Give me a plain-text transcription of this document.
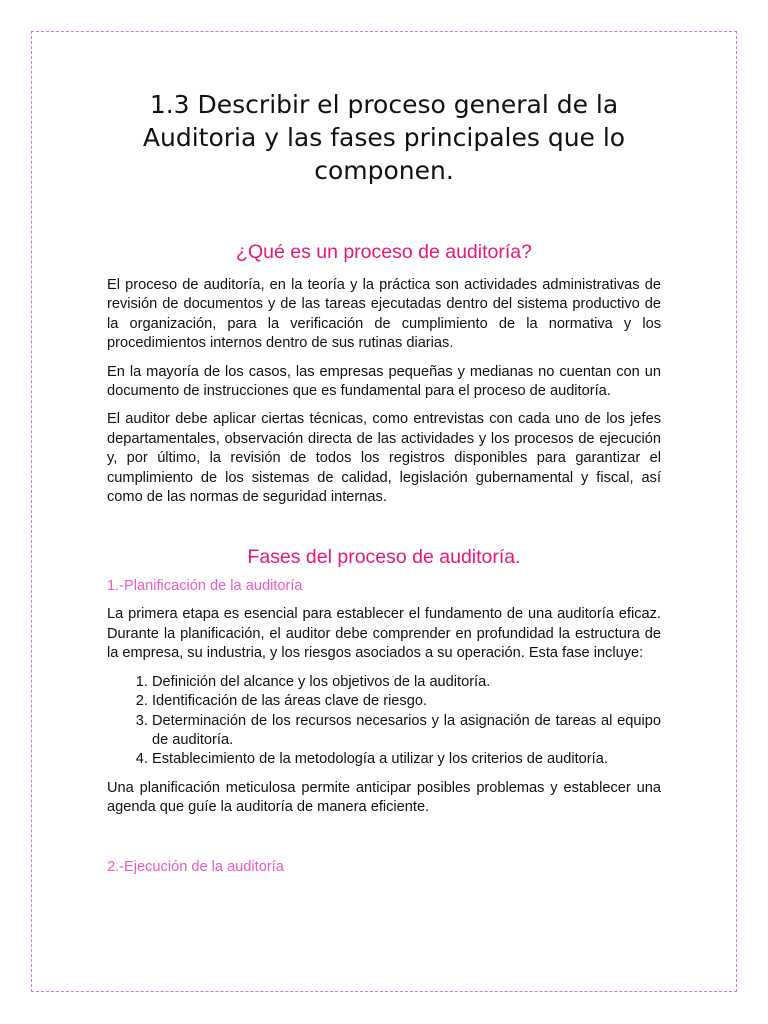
1.3 Describir el proceso general de la Auditoria y las fases principales que lo componen.
¿Qué es un proceso de auditoría?

El proceso de auditoría, en la teoría y la práctica son actividades administrativas de revisión de documentos y de las tareas ejecutadas dentro del sistema productivo de la organización, para la verificación de cumplimiento de la normativa y los procedimientos internos dentro de sus rutinas diarias.

En la mayoría de los casos, las empresas pequeñas y medianas no cuentan con un documento de instrucciones que es fundamental para el proceso de auditoría.

El auditor debe aplicar ciertas técnicas, como entrevistas con cada uno de los jefes departamentales, observación directa de las actividades y los procesos de ejecución y, por último, la revisión de todos los registros disponibles para garantizar el cumplimiento de los sistemas de calidad, legislación gubernamental y fiscal, así como de las normas de seguridad internas.

Fases del proceso de auditoría.
1.-Planificación de la auditoría

La primera etapa es esencial para establecer el fundamento de una auditoría eficaz. Durante la planificación, el auditor debe comprender en profundidad la estructura de la empresa, su industria, y los riesgos asociados a su operación. Esta fase incluye:

1. Definición del alcance y los objetivos de la auditoría.
2. Identificación de las áreas clave de riesgo.
3. Determinación de los recursos necesarios y la asignación de tareas al equipo de auditoría.
4. Establecimiento de la metodología a utilizar y los criterios de auditoría.

Una planificación meticulosa permite anticipar posibles problemas y establecer una agenda que guíe la auditoría de manera eficiente.

2.-Ejecución de la auditoría
